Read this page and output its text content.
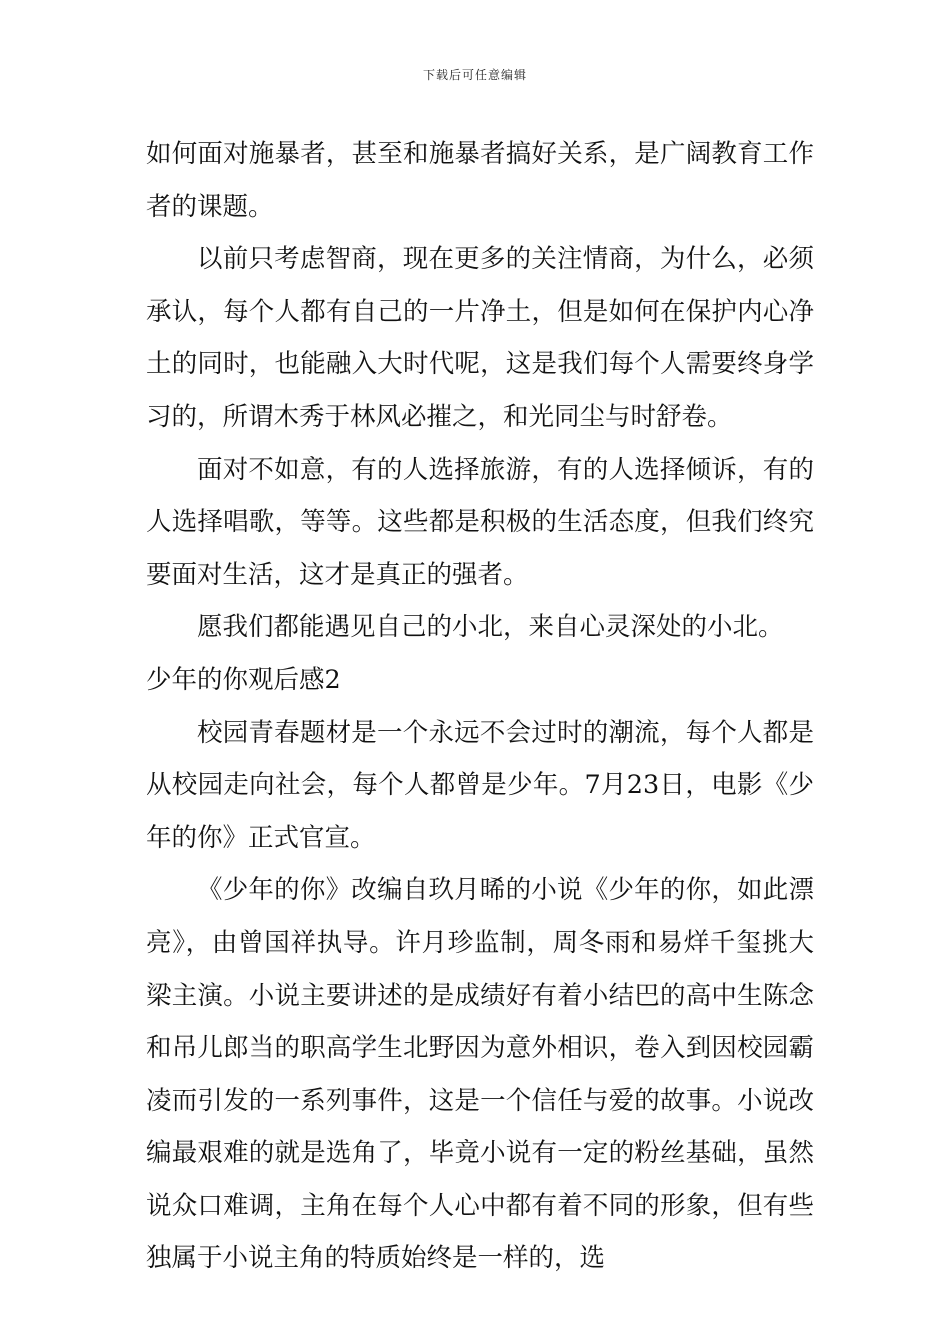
下载后可任意编辑

如何面对施暴者，甚至和施暴者搞好关系，是广阔教育工作者的课题。

以前只考虑智商，现在更多的关注情商，为什么，必须承认，每个人都有自己的一片净土，但是如何在保护内心净土的同时，也能融入大时代呢，这是我们每个人需要终身学习的，所谓木秀于林风必摧之，和光同尘与时舒卷。

面对不如意，有的人选择旅游，有的人选择倾诉，有的人选择唱歌，等等。这些都是积极的生活态度，但我们终究要面对生活，这才是真正的强者。

愿我们都能遇见自己的小北，来自心灵深处的小北。

少年的你观后感2

校园青春题材是一个永远不会过时的潮流，每个人都是从校园走向社会，每个人都曾是少年。7月23日，电影《少年的你》正式官宣。

《少年的你》改编自玖月晞的小说《少年的你，如此漂亮》，由曾国祥执导。许月珍监制，周冬雨和易烊千玺挑大梁主演。小说主要讲述的是成绩好有着小结巴的高中生陈念和吊儿郎当的职高学生北野因为意外相识，卷入到因校园霸凌而引发的一系列事件，这是一个信任与爱的故事。小说改编最艰难的就是选角了，毕竟小说有一定的粉丝基础，虽然说众口难调，主角在每个人心中都有着不同的形象，但有些独属于小说主角的特质始终是一样的，选
